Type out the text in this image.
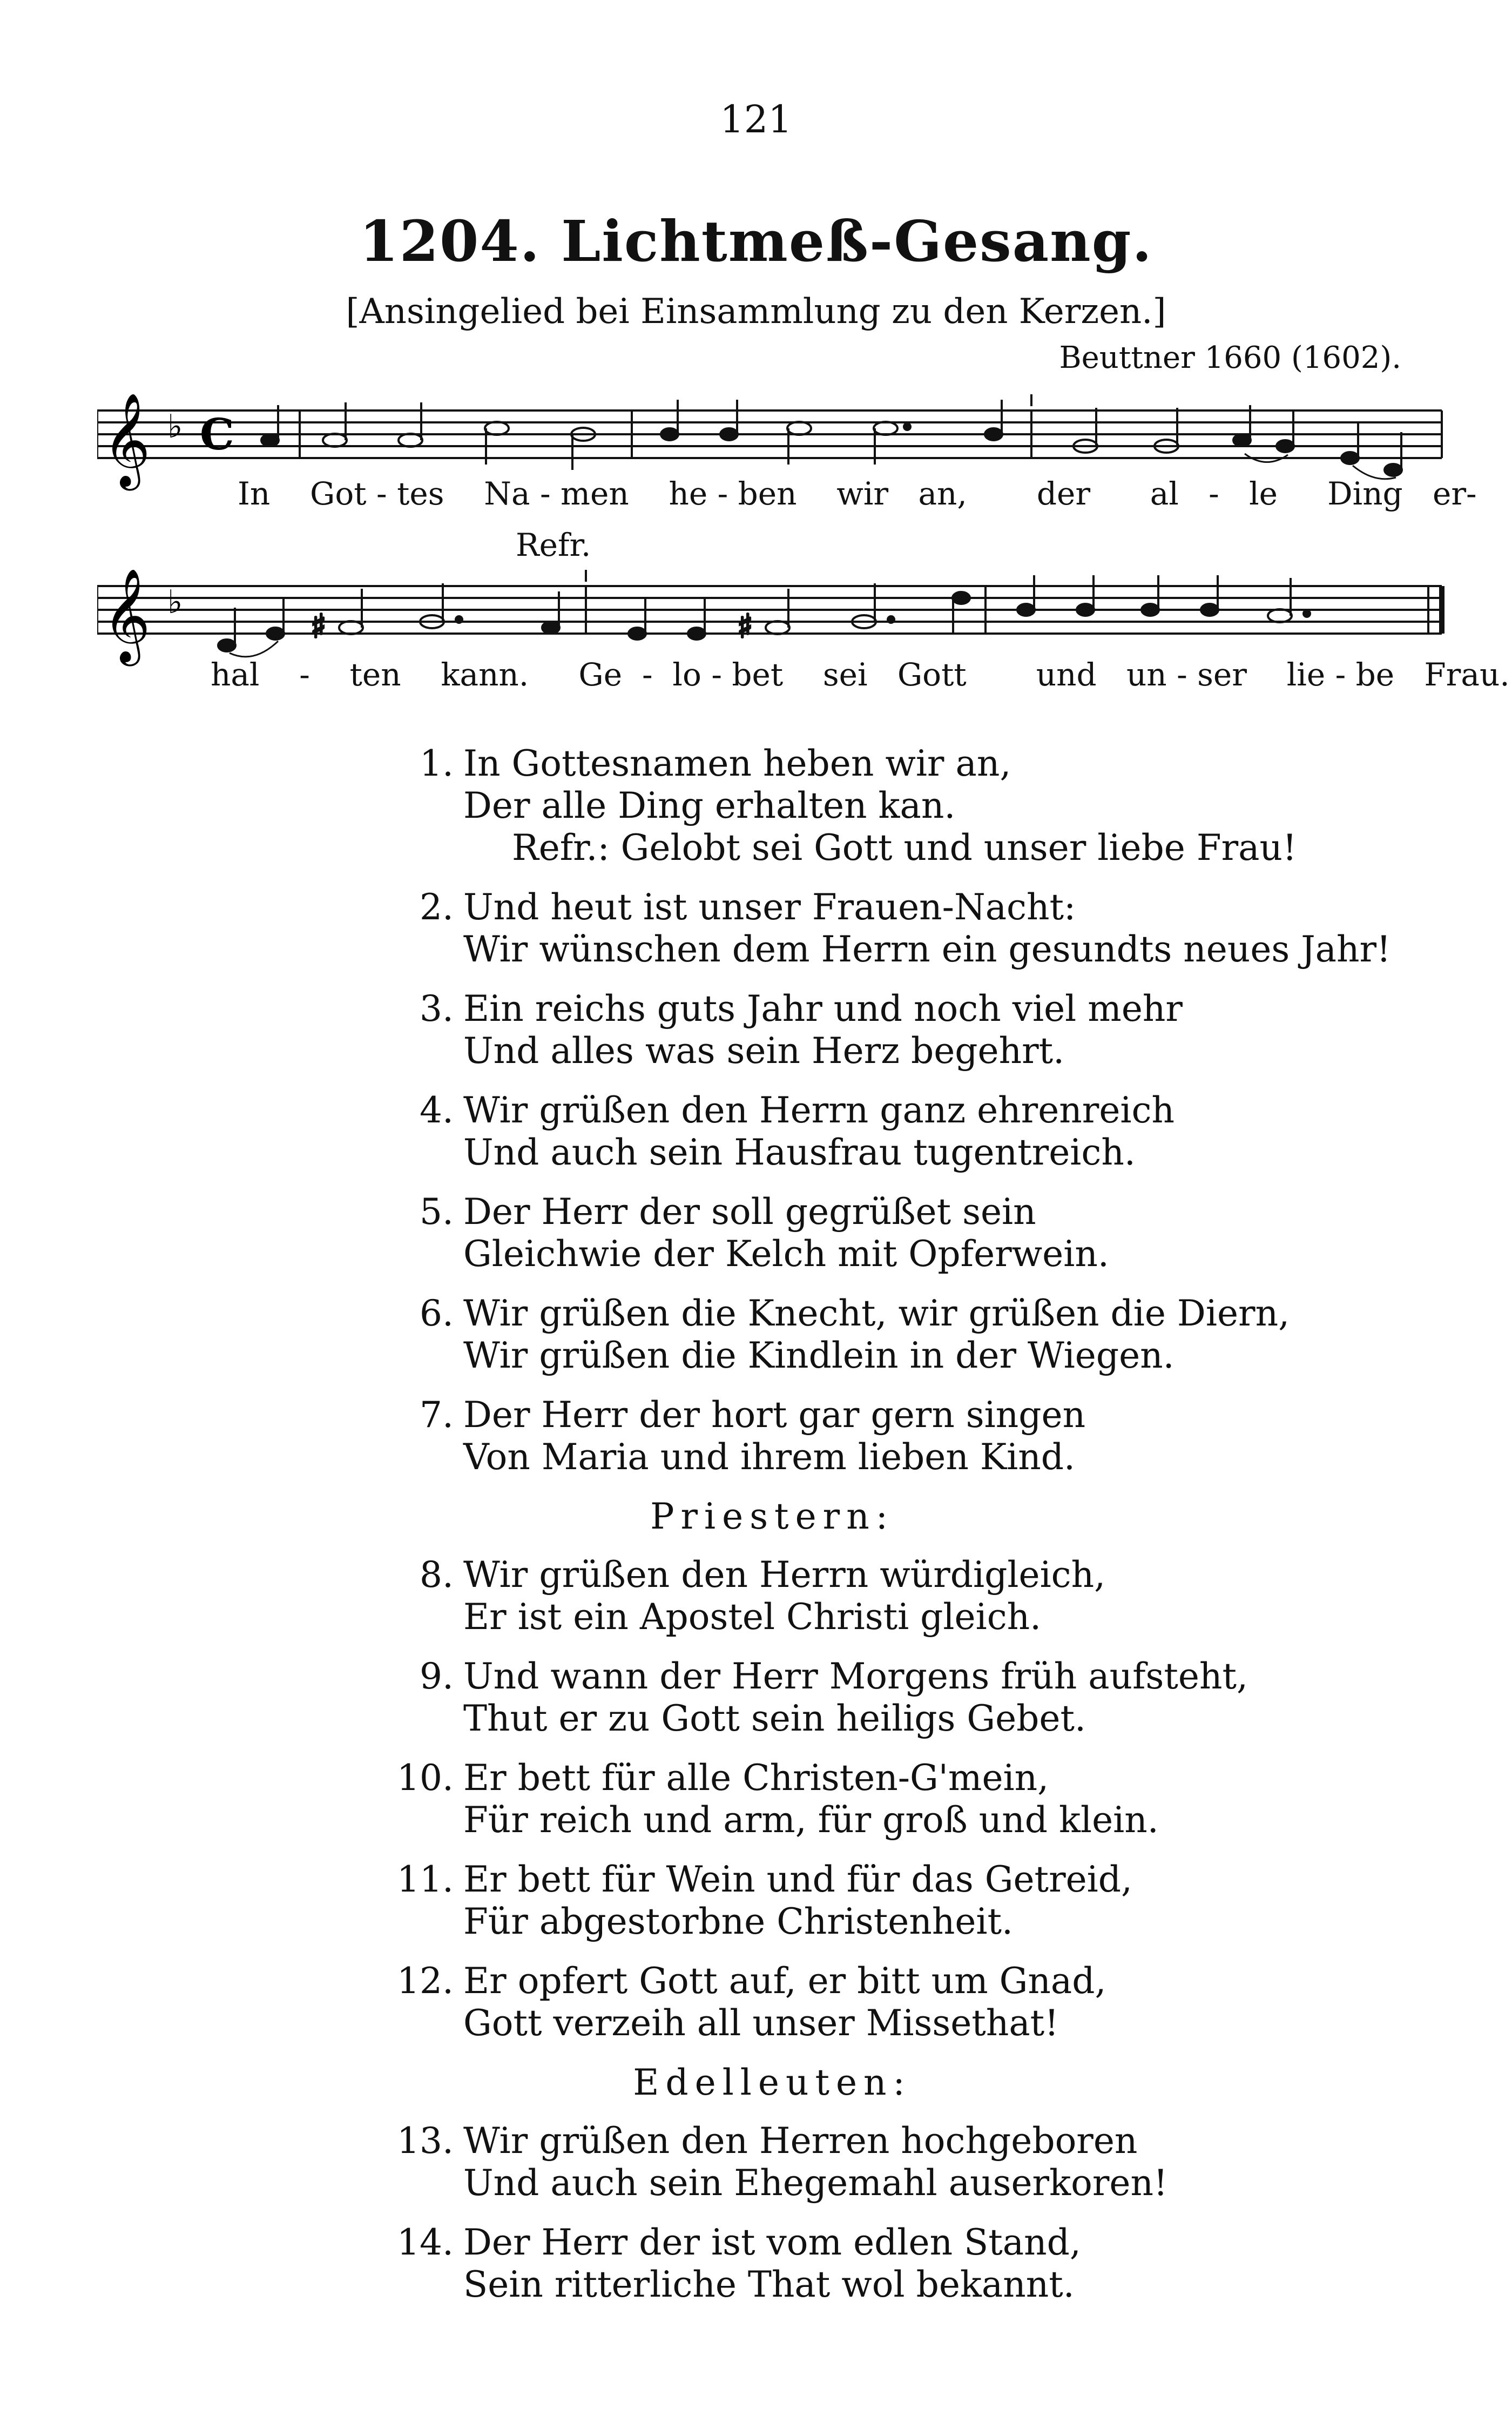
121
1204. Lichtmeß-Gesang.
[Ansingelied bei Einsammlung zu den Kerzen.]
Beuttner 1660 (1602).
𝄞 ♭ C
In Got - tes Na - men he - ben wir an, der al - le Ding er-
Refr.
𝄞 ♭
♯	♯
hal - ten kann. Ge - lo - bet sei Gott und un - ser lie - be Frau.
1. In Gottesnamen heben wir an,
Der alle Ding erhalten kan.
Refr.: Gelobt sei Gott und unser liebe Frau!
2. Und heut ist unser Frauen-Nacht:
Wir wünschen dem Herrn ein gesundts neues Jahr!
3. Ein reichs guts Jahr und noch viel mehr
Und alles was sein Herz begehrt.
4. Wir grüßen den Herrn ganz ehrenreich
Und auch sein Hausfrau tugentreich.
5. Der Herr der soll gegrüßet sein
Gleichwie der Kelch mit Opferwein.
6. Wir grüßen die Knecht, wir grüßen die Diern,
Wir grüßen die Kindlein in der Wiegen.
7. Der Herr der hort gar gern singen
Von Maria und ihrem lieben Kind.
Priestern:
8. Wir grüßen den Herrn würdigleich,
Er ist ein Apostel Christi gleich.
9. Und wann der Herr Morgens früh aufsteht,
Thut er zu Gott sein heiligs Gebet.
10. Er bett für alle Christen-G'mein,
Für reich und arm, für groß und klein.
11. Er bett für Wein und für das Getreid,
Für abgestorbne Christenheit.
12. Er opfert Gott auf, er bitt um Gnad,
Gott verzeih all unser Missethat!
Edelleuten:
13. Wir grüßen den Herren hochgeboren
Und auch sein Ehegemahl auserkoren!
14. Der Herr der ist vom edlen Stand,
Sein ritterliche That wol bekannt.
